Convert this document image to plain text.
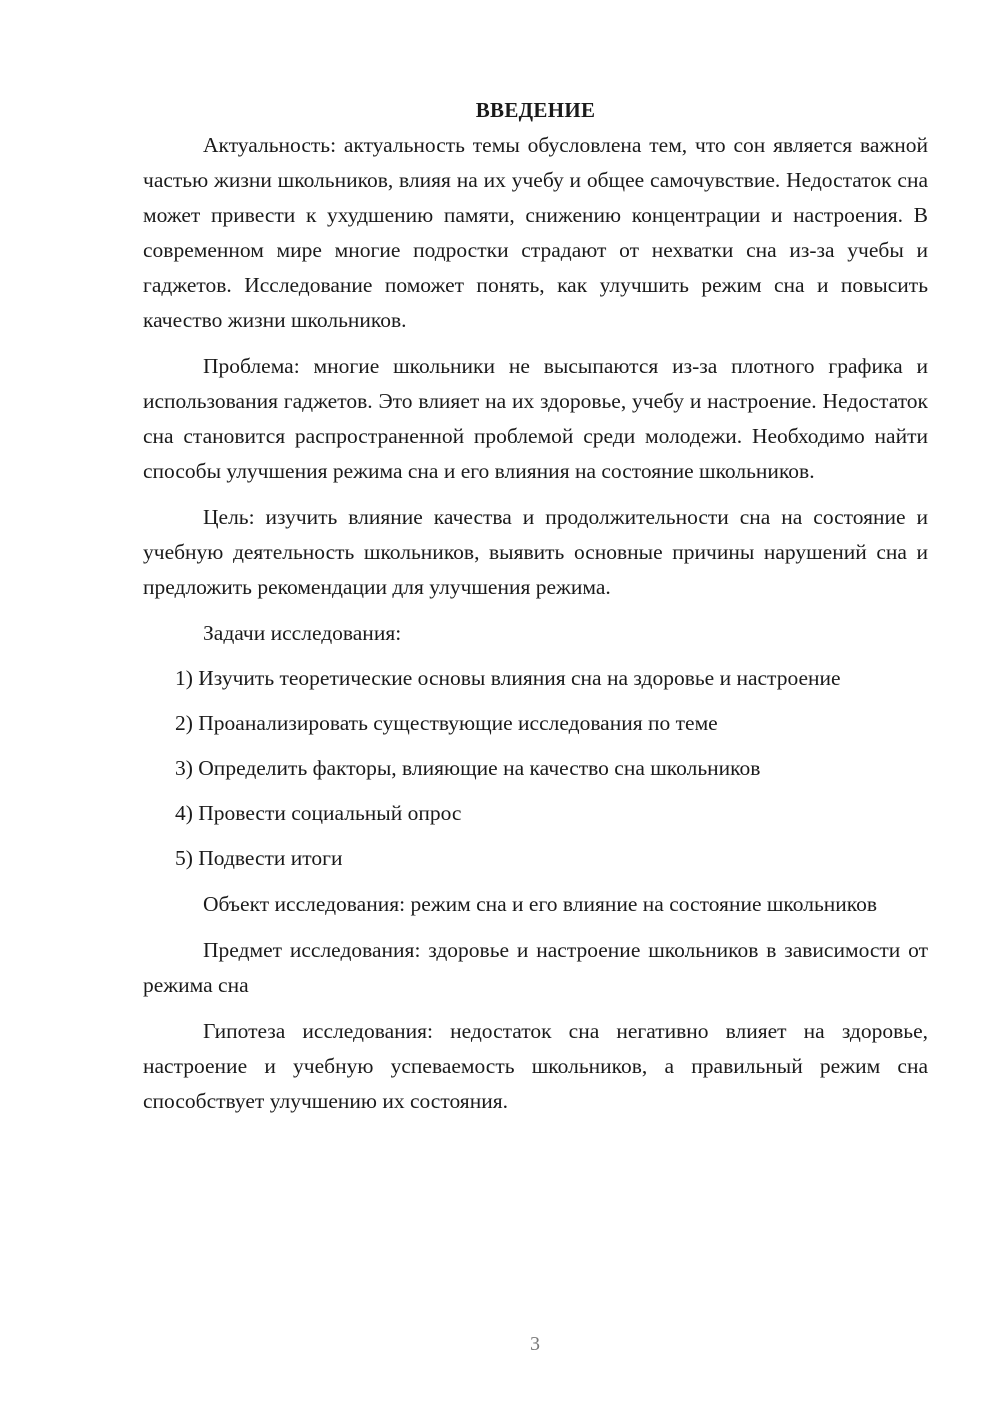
ВВЕДЕНИЕ

Актуальность: актуальность темы обусловлена тем, что сон является важной частью жизни школьников, влияя на их учебу и общее самочувствие. Недостаток сна может привести к ухудшению памяти, снижению концентрации и настроения. В современном мире многие подростки страдают от нехватки сна из-за учебы и гаджетов. Исследование поможет понять, как улучшить режим сна и повысить качество жизни школьников.

Проблема: многие школьники не высыпаются из-за плотного графика и использования гаджетов. Это влияет на их здоровье, учебу и настроение. Недостаток сна становится распространенной проблемой среди молодежи. Необходимо найти способы улучшения режима сна и его влияния на состояние школьников.

Цель: изучить влияние качества и продолжительности сна на состояние и учебную деятельность школьников, выявить основные причины нарушений сна и предложить рекомендации для улучшения режима.

Задачи исследования:

1) Изучить теоретические основы влияния сна на здоровье и настроение

2) Проанализировать существующие исследования по теме

3) Определить факторы, влияющие на качество сна школьников

4) Провести социальный опрос

5) Подвести итоги

Объект исследования: режим сна и его влияние на состояние школьников

Предмет исследования: здоровье и настроение школьников в зависимости от режима сна

Гипотеза исследования: недостаток сна негативно влияет на здоровье, настроение и учебную успеваемость школьников, а правильный режим сна способствует улучшению их состояния.

3
